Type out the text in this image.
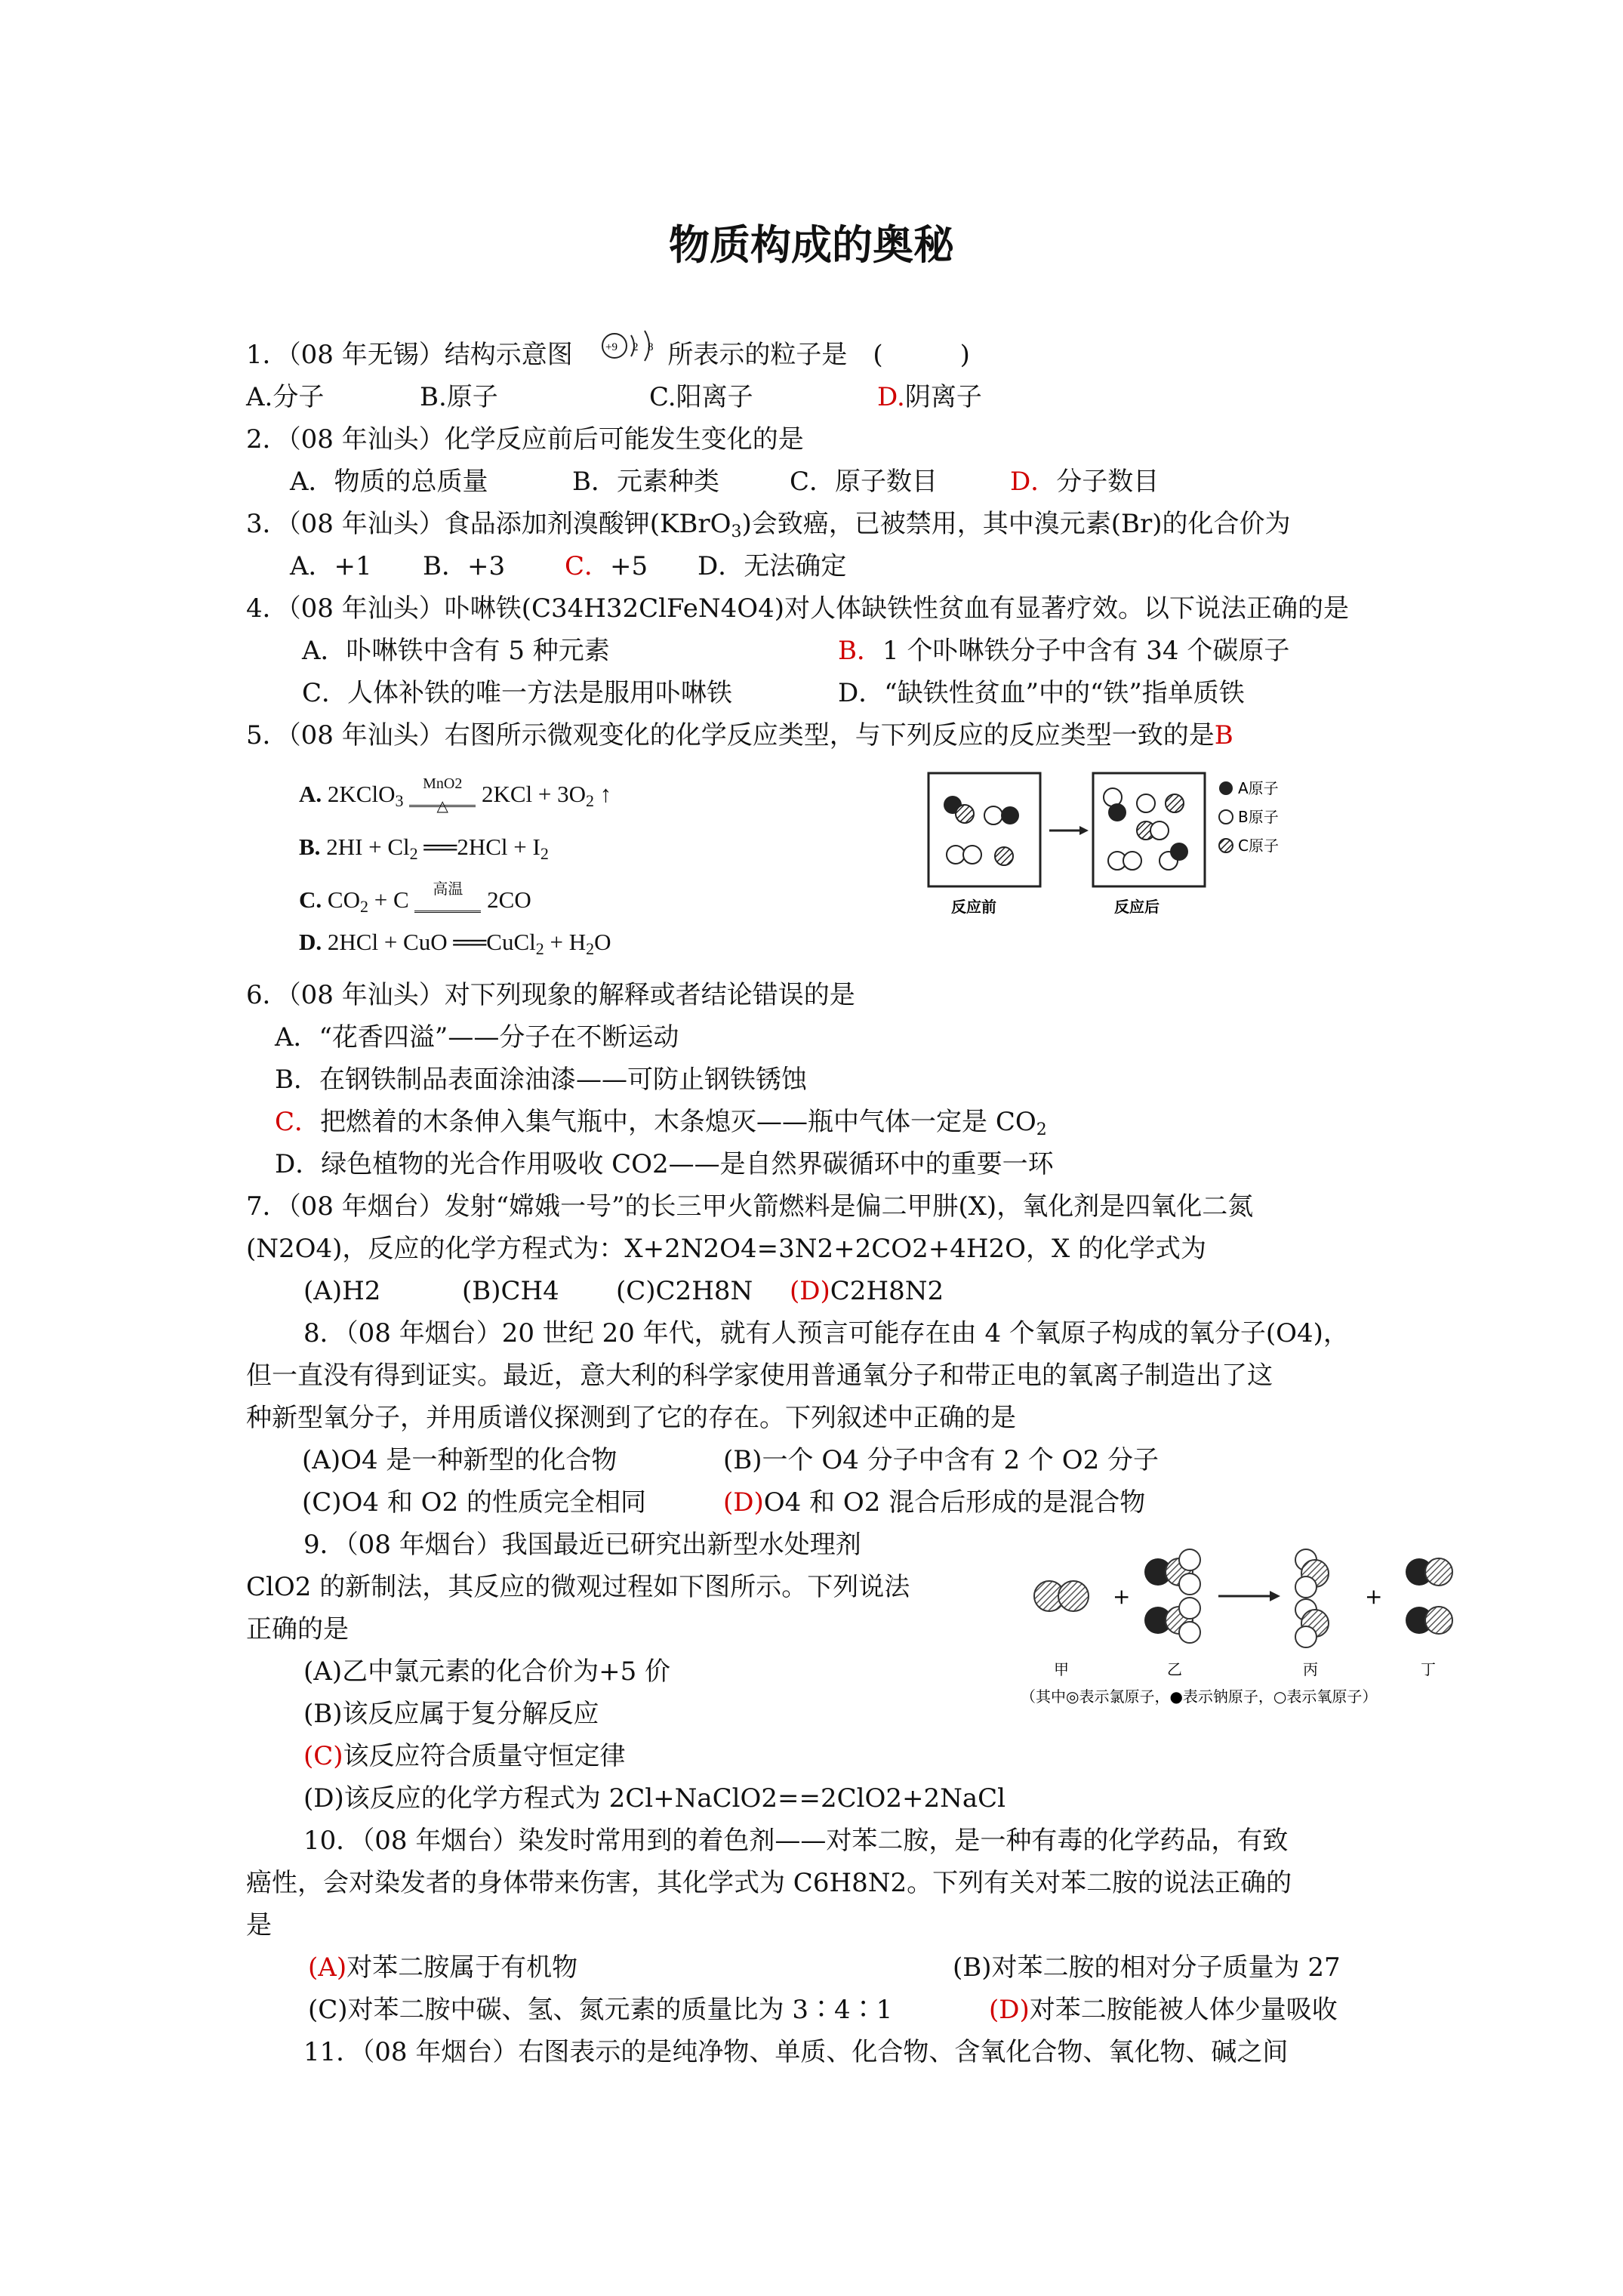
物质构成的奥秘
1．（08 年无锡）结构示意图	所表示的粒子是　(　　　)
+9 2 8
A.分子	B.原子	C.阳离子	D.阴离子
2．（08 年汕头）化学反应前后可能发生变化的是
A．物质的总质量	B．元素种类	C．原子数目	D．分子数目
3．（08 年汕头）食品添加剂溴酸钾(KBrO$_3$)会致癌，已被禁用，其中溴元素(Br)的化合价为
A．+1 B．+3 C．+5 D．无法确定
4．（08 年汕头）卟啉铁(C34H32ClFeN4O4)对人体缺铁性贫血有显著疗效。以下说法正确的是
A．卟啉铁中含有 5 种元素	B．1 个卟啉铁分子中含有 34 个碳原子
C．人体补铁的唯一方法是服用卟啉铁	D．“缺铁性贫血”中的“铁”指单质铁
5．（08 年汕头）右图所示微观变化的化学反应类型，与下列反应的反应类型一致的是B
A. 2KClO$_3$
MnO2
△	$2KCl + 3O_2$ ↑
B. $2HI + Cl_2$ ══2HCl + $I_2$
C. $CO_2 + C$	高温 2CO
D. 2HCl + CuO ══CuCl$_2$ + $H_2O$
反应前	反应后
A原子
B原子
C原子
6．（08 年汕头）对下列现象的解释或者结论错误的是
A．“花香四溢”——分子在不断运动
B．在钢铁制品表面涂油漆——可防止钢铁锈蚀
C．把燃着的木条伸入集气瓶中，木条熄灭——瓶中气体一定是 $CO_2$
D．绿色植物的光合作用吸收 CO2——是自然界碳循环中的重要一环
7．（08 年烟台）发射“嫦娥一号”的长三甲火箭燃料是偏二甲肼(X)，氧化剂是四氧化二氮
(N2O4)，反应的化学方程式为：X+2N2O4=3N2+2CO2+4H2O，X 的化学式为
(A)H2	(B)CH4 (C)C2H8N (D)C2H8N2
8．（08 年烟台）20 世纪 20 年代，就有人预言可能存在由 4 个氧原子构成的氧分子(O4)，
但一直没有得到证实。最近，意大利的科学家使用普通氧分子和带正电的氧离子制造出了这
种新型氧分子，并用质谱仪探测到了它的存在。下列叙述中正确的是
(A)O4 是一种新型的化合物	(B)一个 O4 分子中含有 2 个 O2 分子
(C)O4 和 O2 的性质完全相同	(D)O4 和 O2 混合后形成的是混合物
9．（08 年烟台）我国最近已研究出新型水处理剂
ClO2 的新制法，其反应的微观过程如下图所示。下列说法
正确的是
(A)乙中氯元素的化合价为+5 价
(B)该反应属于复分解反应
(C)该反应符合质量守恒定律
(D)该反应的化学方程式为 2Cl+NaClO2==2ClO2+2NaCl
+	+
甲	乙	丙	丁
（其中◎表示氯原子，●表示钠原子，○表示氧原子）
10．（08 年烟台）染发时常用到的着色剂——对苯二胺，是一种有毒的化学药品，有致
癌性，会对染发者的身体带来伤害，其化学式为 C6H8N2。下列有关对苯二胺的说法正确的
是
(A)对苯二胺属于有机物	(B)对苯二胺的相对分子质量为 27
(C)对苯二胺中碳、氢、氮元素的质量比为 3∶4∶1	(D)对苯二胺能被人体少量吸收
11．（08 年烟台）右图表示的是纯净物、单质、化合物、含氧化合物、氧化物、碱之间
